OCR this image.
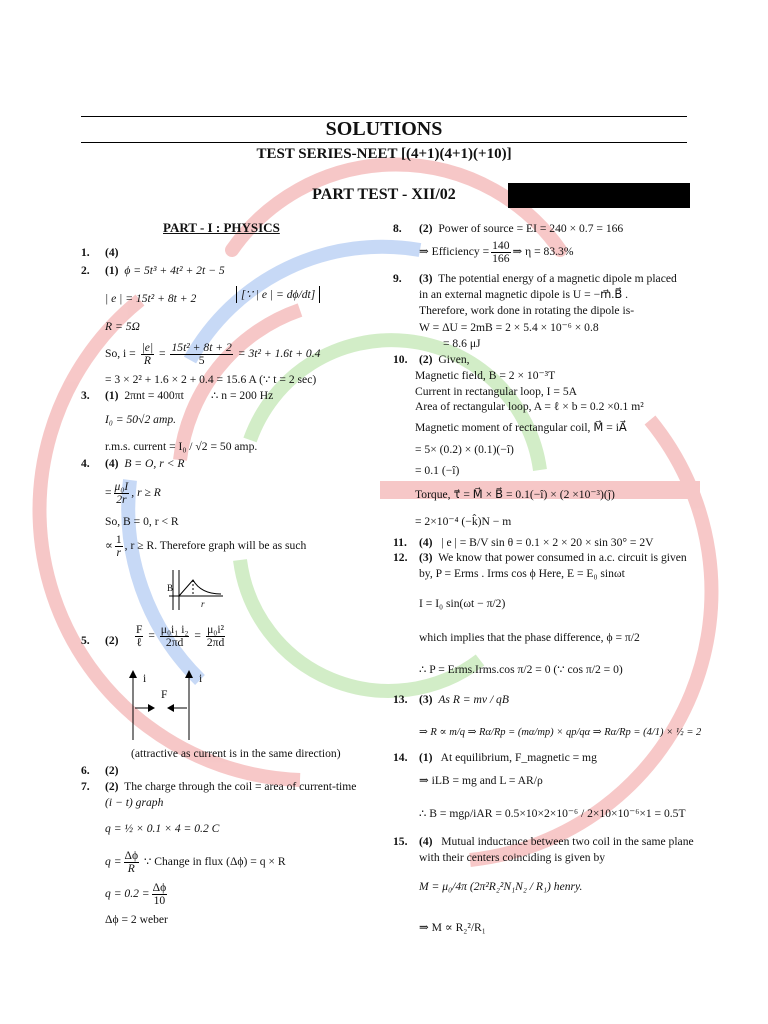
SOLUTIONS
TEST SERIES-NEET [(4+1)(4+1)(+10)]
PART TEST - XII/02
PART - I : PHYSICS
1. (4)
2. (1) ϕ = 5t³ + 4t² + 2t − 5
| e | = 15t² + 8t + 2	[∵ | e | = dϕ/dt]
R = 5Ω
So, $i = \frac{|e|}{R} = \frac{\text{15t² + 8t + 2}}{5} = 3t^2 + 1.6t + 0.4$
= 3 × 2² + 1.6 × 2 + 0.4 = 15.6 A (∵ t = 2 sec)
3. (1) 2πnt = 400πt ∴ n = 200 Hz
I₀ = 50√2 amp.
r.m.s. current = I₀ / √2 = 50 amp.
4. (4) B = O, r < R
= $\frac{\text{μ₀I}}{2r}$ , r ≥ R
So, B = 0, r < R
∝ $\frac{1}{r}$ , r ≥ R. Therefore graph will be as such
B
r
5. $(2) \frac{F}{\text{ℓ}} = \frac{\text{μ₀i₁ i₂}}{2\pi d} = \frac{\text{μ₀i²}}{2\pi d}$
i	i
F
(attractive as current is in the same direction)
6. (2)
7. (2) The charge through the coil = area of current-time
(i − t) graph
q = ½ × 0.1 × 4 = 0.2 C
$q = \frac{\Delta\phi}{R}$ ∵ Change in flux (Δϕ) = q × R
$q = 0.2 = \frac{\Delta\phi}{10}$
Δϕ = 2 weber
8. (2) Power of source = EI = 240 × 0.7 = 166
⇒ Efficiency = $\frac{140}{166}$ ⇒ η = 83.3%
9. (3) The potential energy of a magnetic dipole m placed
in an external magnetic dipole is U = −m⃗.B⃗ .
Therefore, work done in rotating the dipole is-
W = ΔU = 2mB = 2 × 5.4 × 10⁻⁶ × 0.8
= 8.6 μJ
10. (2) Given,
Magnetic field, B = 2 × 10⁻³T
Current in rectangular loop, I = 5A
Area of rectangular loop, A = ℓ × b = 0.2 ×0.1 m²
Magnetic moment of rectangular coil, M⃗ = iA⃗
= 5× (0.2) × (0.1)(−î)
= 0.1 (−î)
Torque, τ⃗ = M⃗ × B⃗ = 0.1(−î) × (2 ×10⁻³)(ĵ)
= 2×10⁻⁴ (−k̂)N − m
11. (4) | e | = B/V sin θ = 0.1 × 2 × 20 × sin 30° = 2V
12. (3) We know that power consumed in a.c. circuit is given
by, P = Erms . Irms cos ϕ Here, E = E₀ sinωt
I = I₀ sin(ωt − π/2)
which implies that the phase difference, ϕ = π/2
∴ P = Erms.Irms.cos π/2 = 0 (∵ cos π/2 = 0)
13. (3) As R = mv / qB
⇒ R ∝ m/q ⇒ Rα/Rp = (mα/mp) × qp/qα ⇒ Rα/Rp = (4/1) × ½ = 2
14. (1) At equilibrium, F_magnetic = mg
⇒ iLB = mg and L = AR/ρ
∴ B = mgρ/iAR = 0.5×10×2×10⁻⁶ / 2×10×10⁻⁶×1 = 0.5T
15. (4) Mutual inductance between two coil in the same plane
with their centers coinciding is given by
M = μ₀/4π (2π²R₂²N₁N₂ / R₁) henry.
⇒ M ∝ R₂²/R₁
